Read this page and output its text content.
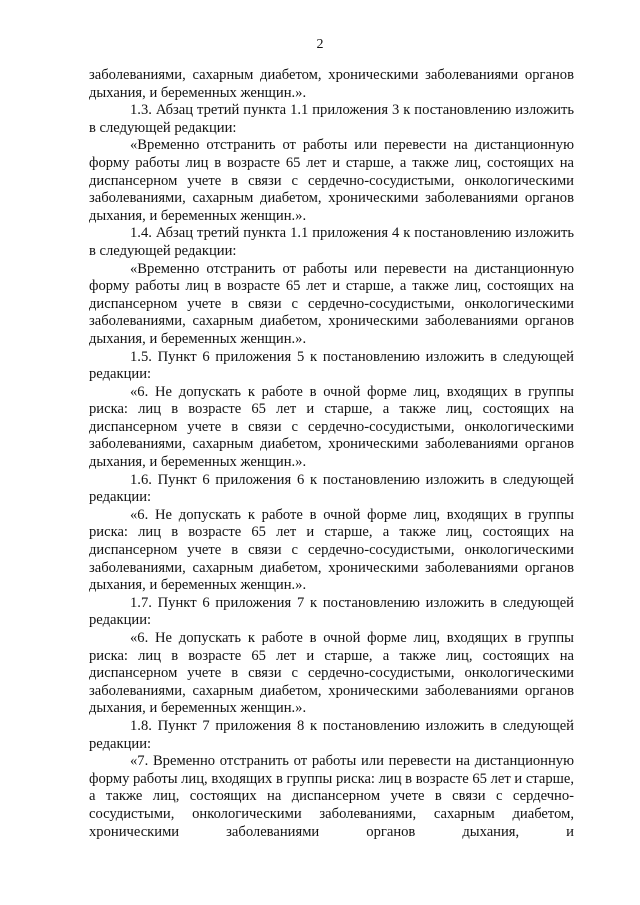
2

заболеваниями, сахарным диабетом, хроническими заболеваниями органов дыхания, и беременных женщин.».

1.3. Абзац третий пункта 1.1 приложения 3 к постановлению изложить в следующей редакции:

«Временно отстранить от работы или перевести на дистанционную форму работы лиц в возрасте 65 лет и старше, а также лиц, состоящих на диспансерном учете в связи с сердечно-сосудистыми, онкологическими заболеваниями, сахарным диабетом, хроническими заболеваниями органов дыхания, и беременных женщин.».

1.4. Абзац третий пункта 1.1 приложения 4 к постановлению изложить в следующей редакции:

«Временно отстранить от работы или перевести на дистанционную форму работы лиц в возрасте 65 лет и старше, а также лиц, состоящих на диспансерном учете в связи с сердечно-сосудистыми, онкологическими заболеваниями, сахарным диабетом, хроническими заболеваниями органов дыхания, и беременных женщин.».

1.5. Пункт 6 приложения 5 к постановлению изложить в следующей редакции:

«6. Не допускать к работе в очной форме лиц, входящих в группы риска: лиц в возрасте 65 лет и старше, а также лиц, состоящих на диспансерном учете в связи с сердечно-сосудистыми, онкологическими заболеваниями, сахарным диабетом, хроническими заболеваниями органов дыхания, и беременных женщин.».

1.6. Пункт 6 приложения 6 к постановлению изложить в следующей редакции:

«6. Не допускать к работе в очной форме лиц, входящих в группы риска: лиц в возрасте 65 лет и старше, а также лиц, состоящих на диспансерном учете в связи с сердечно-сосудистыми, онкологическими заболеваниями, сахарным диабетом, хроническими заболеваниями органов дыхания, и беременных женщин.».

1.7. Пункт 6 приложения 7 к постановлению изложить в следующей редакции:

«6. Не допускать к работе в очной форме лиц, входящих в группы риска: лиц в возрасте 65 лет и старше, а также лиц, состоящих на диспансерном учете в связи с сердечно-сосудистыми, онкологическими заболеваниями, сахарным диабетом, хроническими заболеваниями органов дыхания, и беременных женщин.».

1.8. Пункт 7 приложения 8 к постановлению изложить в следующей редакции:

«7. Временно отстранить от работы или перевести на дистанционную форму работы лиц, входящих в группы риска: лиц в возрасте 65 лет и старше, а также лиц, состоящих на диспансерном учете в связи с сердечно-сосудистыми, онкологическими заболеваниями, сахарным диабетом, хроническими заболеваниями органов дыхания, и
